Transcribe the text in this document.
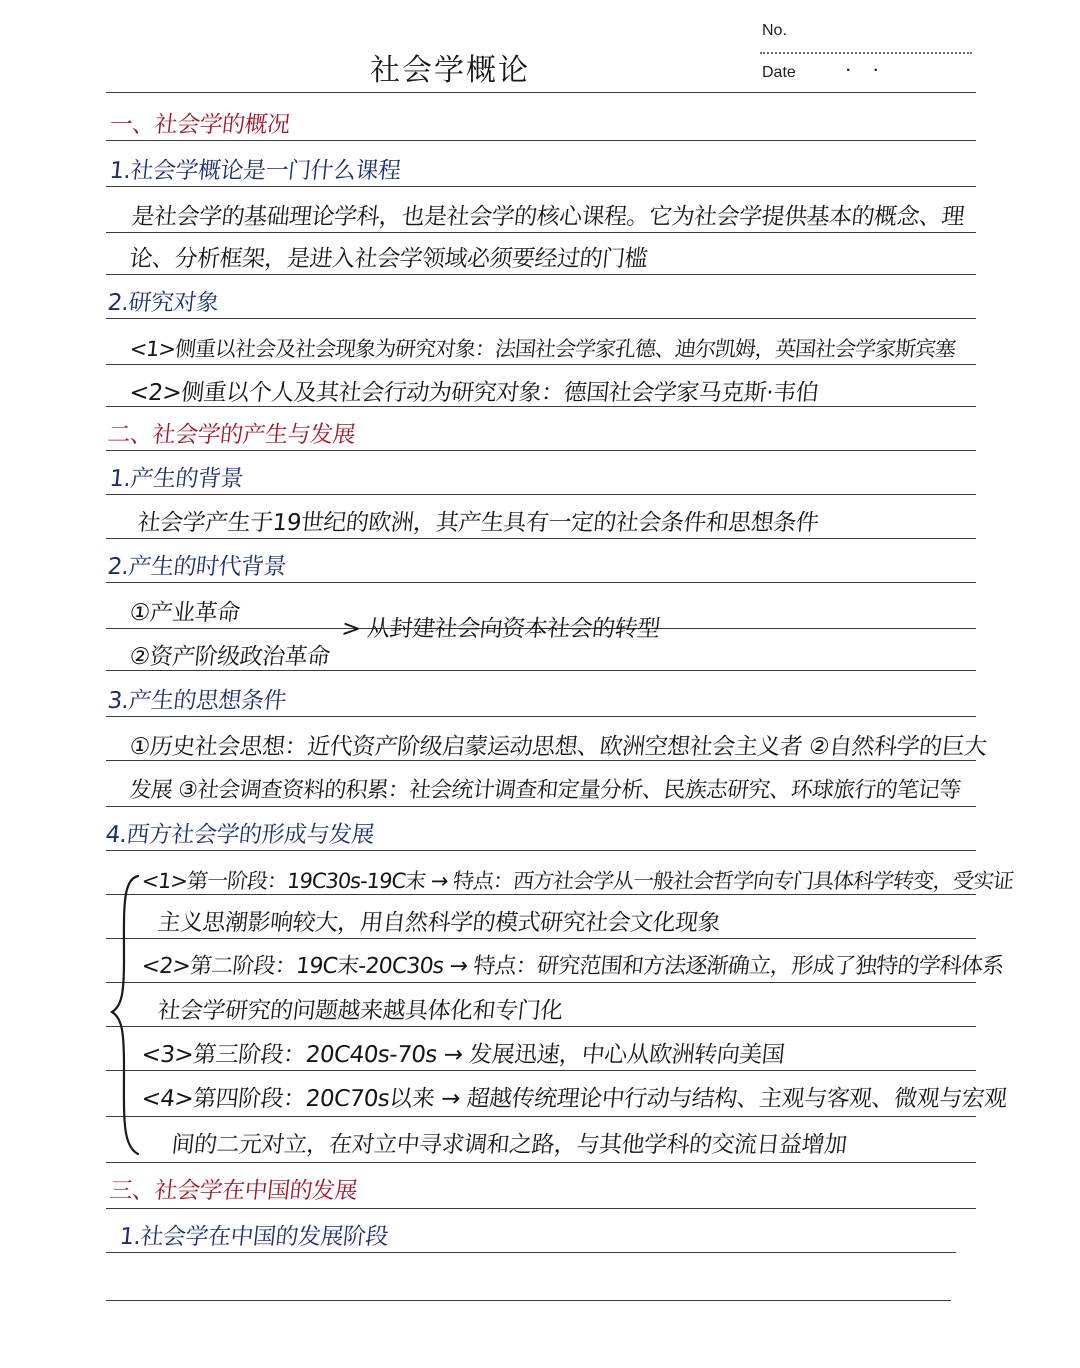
No.
Date	·     ·
社会学概论
一、社会学的概况
1.社会学概论是一门什么课程
是社会学的基础理论学科，也是社会学的核心课程。它为社会学提供基本的概念、理
论、分析框架，是进入社会学领域必须要经过的门槛
2.研究对象
<1>侧重以社会及社会现象为研究对象：法国社会学家孔德、迪尔凯姆，英国社会学家斯宾塞
<2>侧重以个人及其社会行动为研究对象：德国社会学家马克斯·韦伯
二、社会学的产生与发展
1.产生的背景
社会学产生于19世纪的欧洲，其产生具有一定的社会条件和思想条件
2.产生的时代背景
①产业革命
> 从封建社会向资本社会的转型
②资产阶级政治革命
3.产生的思想条件
①历史社会思想：近代资产阶级启蒙运动思想、欧洲空想社会主义者 ②自然科学的巨大
发展 ③社会调查资料的积累：社会统计调查和定量分析、民族志研究、环球旅行的笔记等
4.西方社会学的形成与发展
<1>第一阶段：19C30s-19C末 → 特点：西方社会学从一般社会哲学向专门具体科学转变，受实证
主义思潮影响较大，用自然科学的模式研究社会文化现象
<2>第二阶段：19C末-20C30s → 特点：研究范围和方法逐渐确立，形成了独特的学科体系
社会学研究的问题越来越具体化和专门化
<3>第三阶段：20C40s-70s → 发展迅速，中心从欧洲转向美国
<4>第四阶段：20C70s以来 → 超越传统理论中行动与结构、主观与客观、微观与宏观
间的二元对立，在对立中寻求调和之路，与其他学科的交流日益增加
三、社会学在中国的发展
1.社会学在中国的发展阶段
